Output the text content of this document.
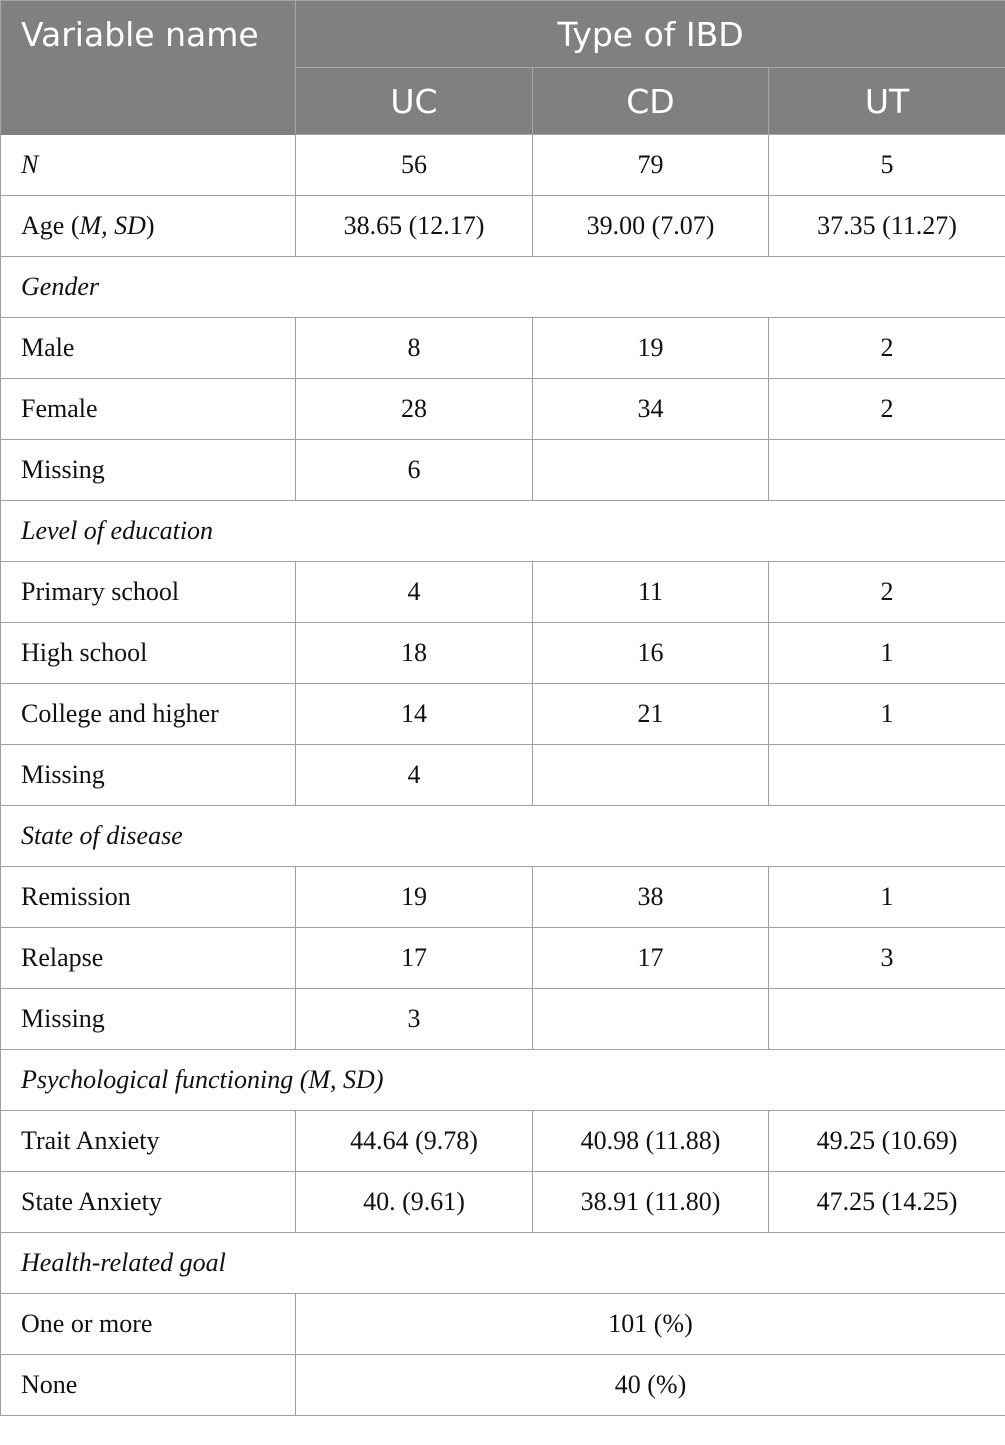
Variable name	Type of IBD		
	UC	CD	UT
N	56	79	5
Age (M, SD)	38.65 (12.17)	39.00 (7.07)	37.35 (11.27)
Gender			
Male	8	19	2
Female	28	34	2
Missing	6		
Level of education			
Primary school	4	11	2
High school	18	16	1
College and higher	14	21	1
Missing	4		
State of disease			
Remission	19	38	1
Relapse	17	17	3
Missing	3		
Psychological functioning (M, SD)			
Trait Anxiety	44.64 (9.78)	40.98 (11.88)	49.25 (10.69)
State Anxiety	40. (9.61)	38.91 (11.80)	47.25 (14.25)
Health-related goal			
One or more	101 (%)		
None	40 (%)		
